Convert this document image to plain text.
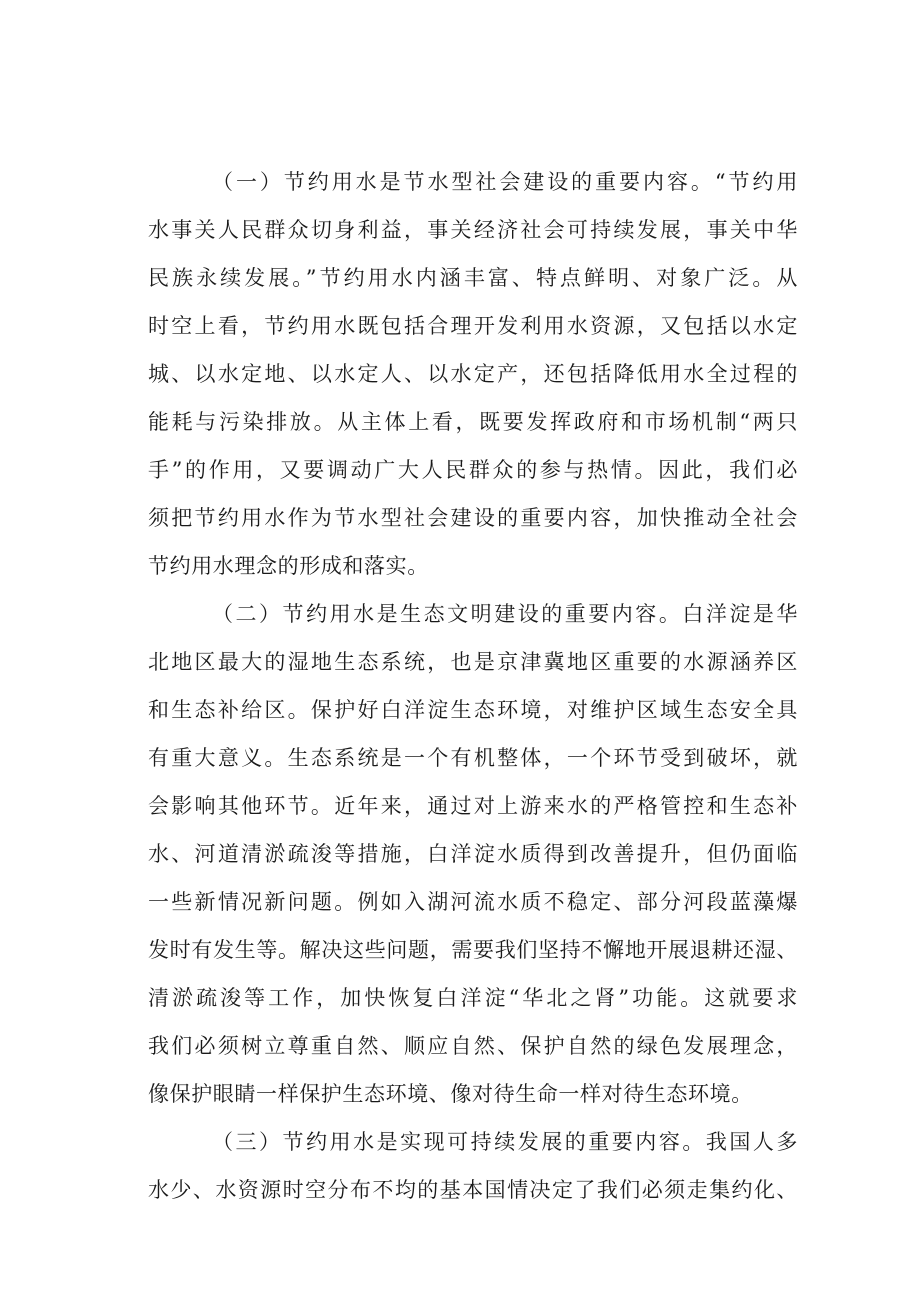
（一）节约用水是节水型社会建设的重要内容。“节约用
水事关人民群众切身利益，事关经济社会可持续发展，事关中华
民族永续发展。”节约用水内涵丰富、特点鲜明、对象广泛。从
时空上看，节约用水既包括合理开发利用水资源，又包括以水定
城、以水定地、以水定人、以水定产，还包括降低用水全过程的
能耗与污染排放。从主体上看，既要发挥政府和市场机制“两只
手”的作用，又要调动广大人民群众的参与热情。因此，我们必
须把节约用水作为节水型社会建设的重要内容，加快推动全社会
节约用水理念的形成和落实。
（二）节约用水是生态文明建设的重要内容。白洋淀是华
北地区最大的湿地生态系统，也是京津冀地区重要的水源涵养区
和生态补给区。保护好白洋淀生态环境，对维护区域生态安全具
有重大意义。生态系统是一个有机整体，一个环节受到破坏，就
会影响其他环节。近年来，通过对上游来水的严格管控和生态补
水、河道清淤疏浚等措施，白洋淀水质得到改善提升，但仍面临
一些新情况新问题。例如入湖河流水质不稳定、部分河段蓝藻爆
发时有发生等。解决这些问题，需要我们坚持不懈地开展退耕还湿、
清淤疏浚等工作，加快恢复白洋淀“华北之肾”功能。这就要求
我们必须树立尊重自然、顺应自然、保护自然的绿色发展理念，
像保护眼睛一样保护生态环境、像对待生命一样对待生态环境。
（三）节约用水是实现可持续发展的重要内容。我国人多
水少、水资源时空分布不均的基本国情决定了我们必须走集约化、
